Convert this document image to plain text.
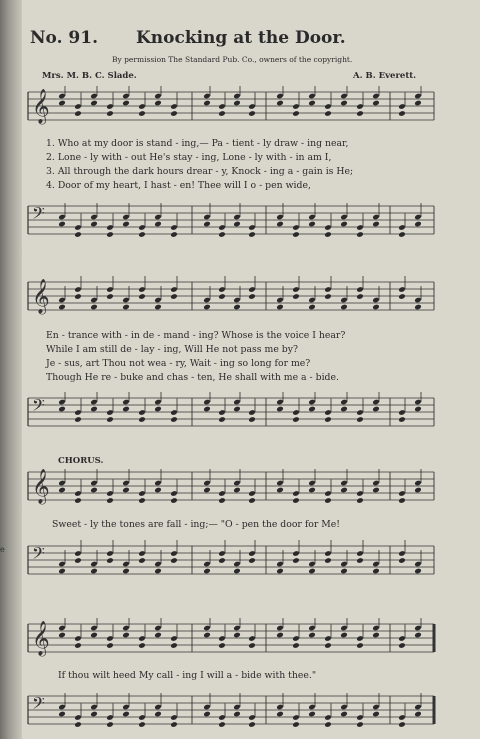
e
No. 91. Knocking at the Door.
By permission The Standard Pub. Co., owners of the copyright.
Mrs. M. B. C. Slade.	A. B. Everett.
𝄞
1. Who at my door is stand - ing,— Pa - tient - ly draw - ing near,
2. Lone - ly with - out He's stay - ing, Lone - ly with - in am I,
3. All through the dark hours drear - y, Knock - ing a - gain is He;
4. Door of my heart, I hast - en! Thee will I o - pen wide,
𝄢
𝄞
En - trance with - in de - mand - ing? Whose is the voice I hear?
While I am still de - lay - ing, Will He not pass me by?
Je - sus, art Thou not wea - ry, Wait - ing so long for me?
Though He re - buke and chas - ten, He shall with me a - bide.
𝄢
CHORUS.
𝄞
Sweet - ly the tones are fall - ing;— "O - pen the door for Me!
𝄢
𝄞
If thou wilt heed My call - ing I will a - bide with thee."
𝄢
